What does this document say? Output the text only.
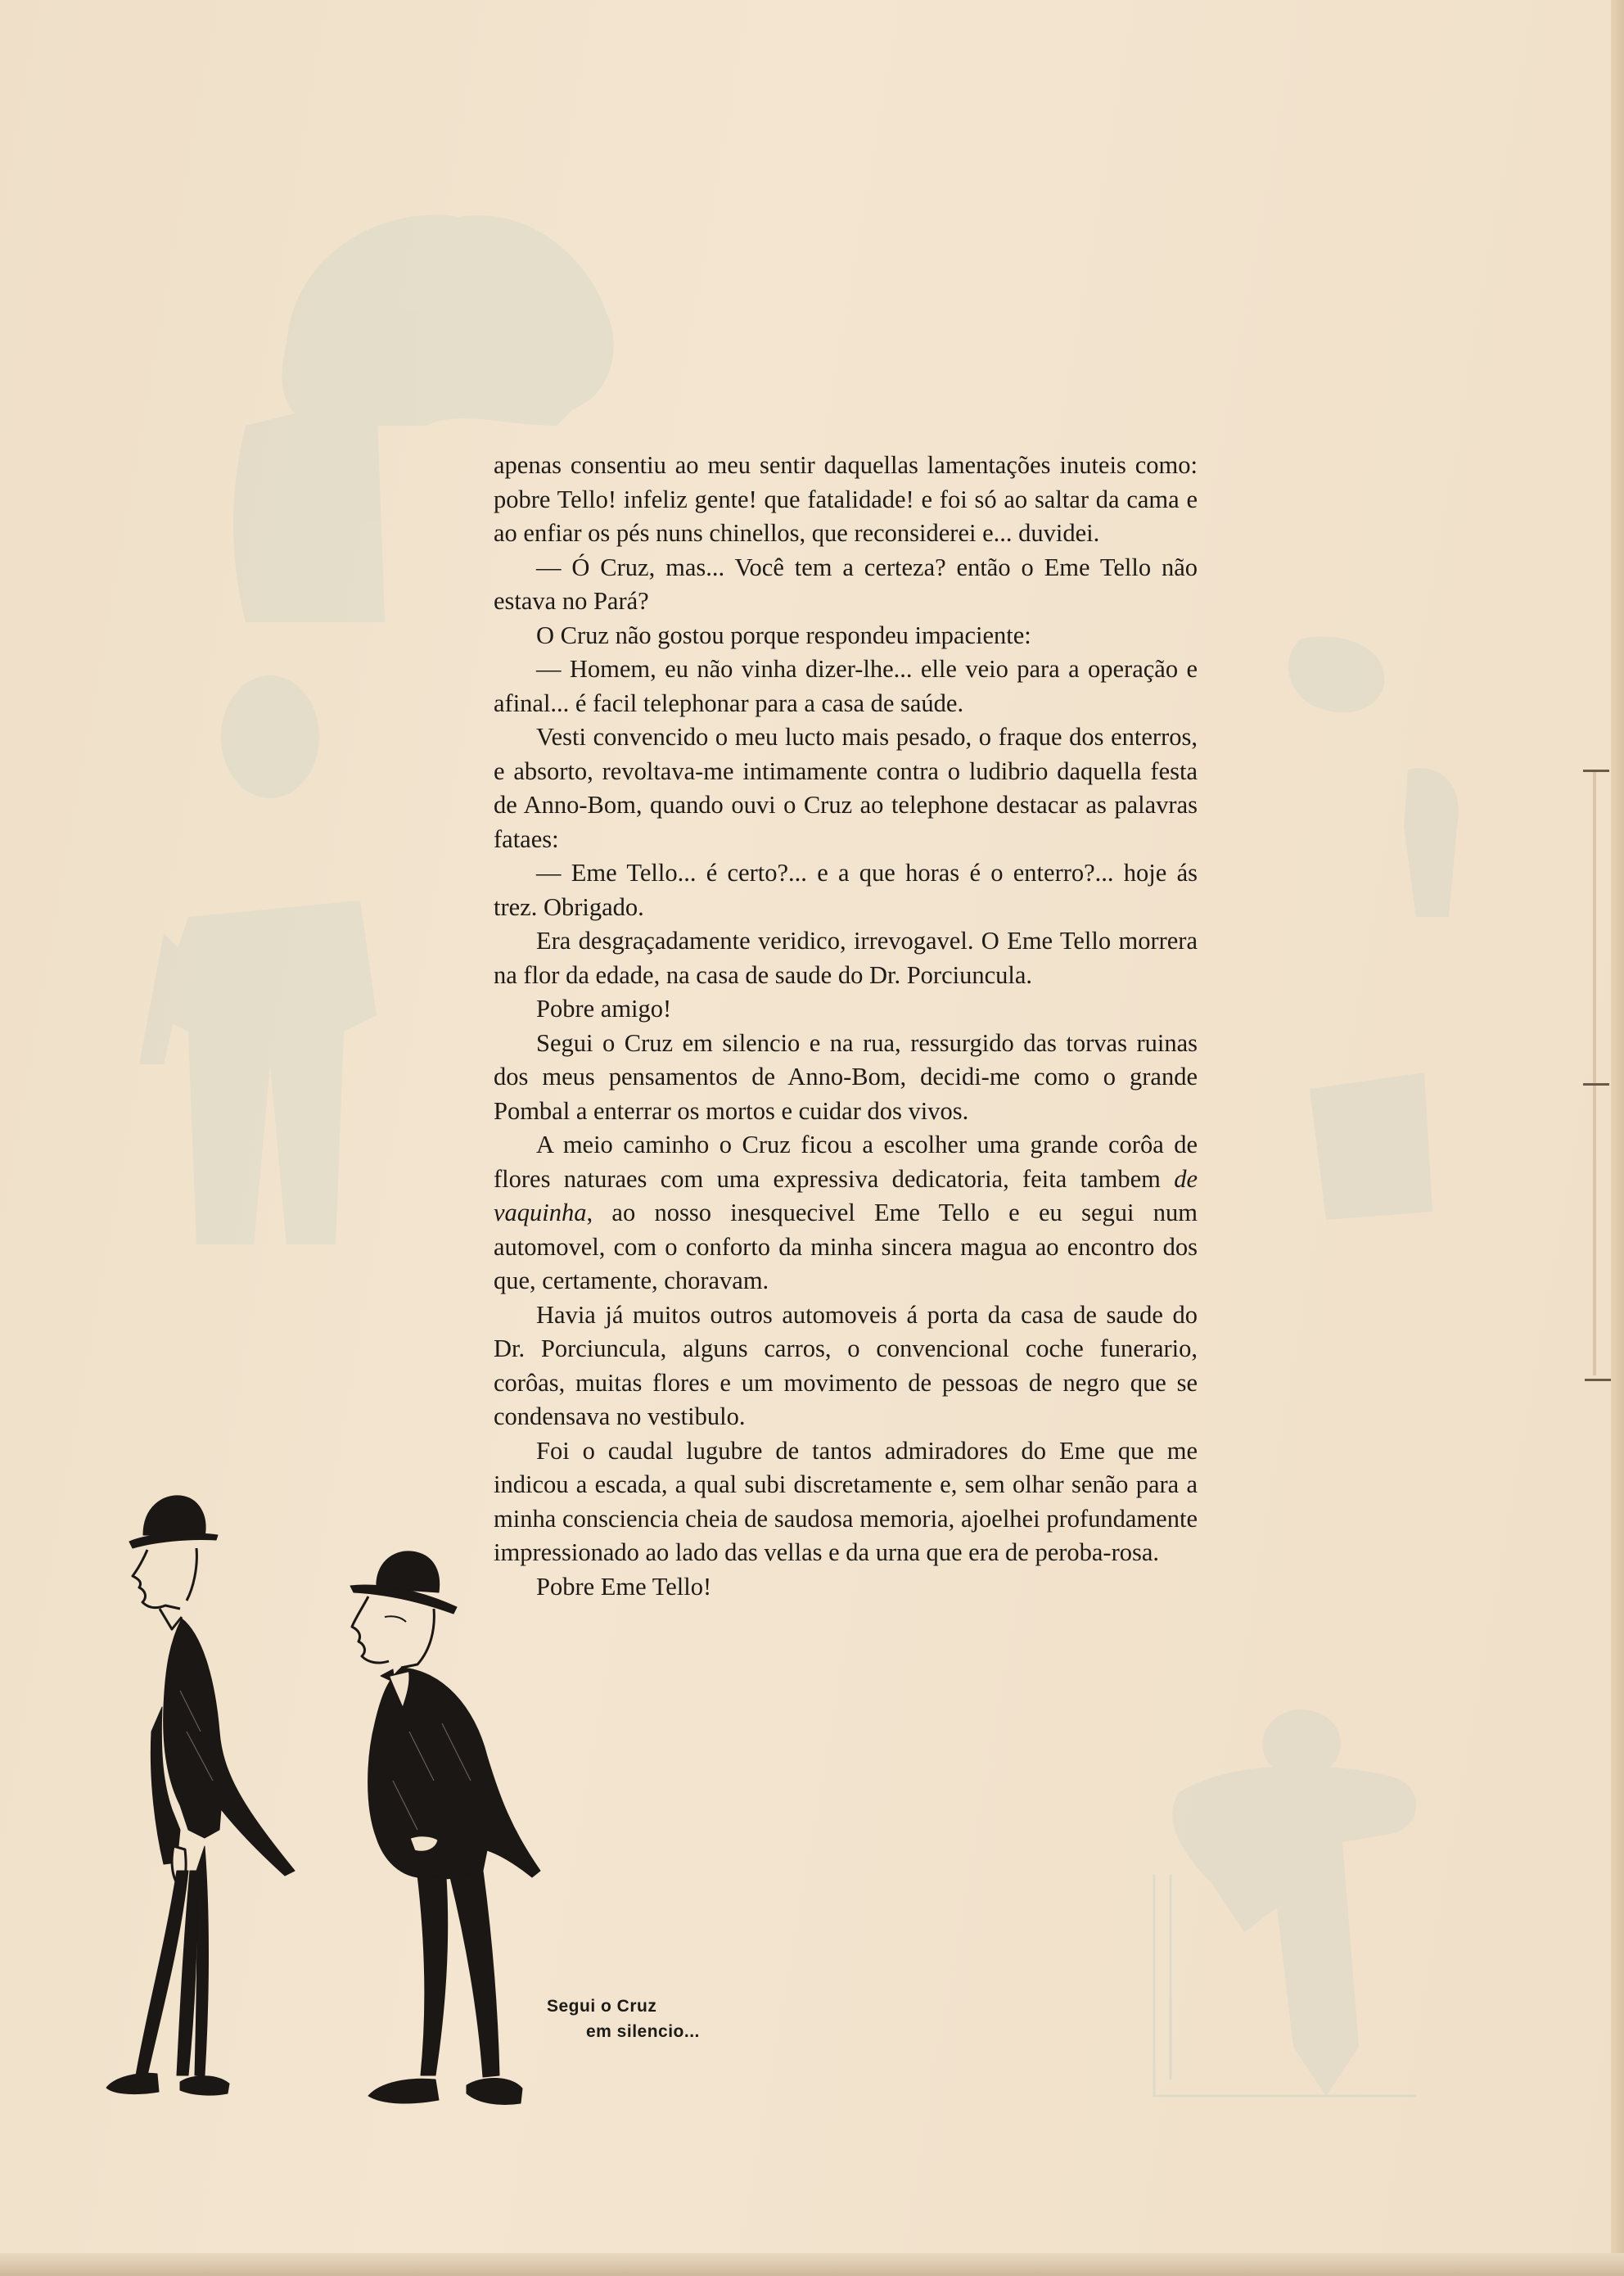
apenas consentiu ao meu sentir daquellas lamentações inuteis como: pobre Tello! infeliz gente! que fatalidade! e foi só ao saltar da cama e ao enfiar os pés nuns chinellos, que reconsiderei e... duvidei.

— Ó Cruz, mas... Você tem a certeza? então o Eme Tello não estava no Pará?

O Cruz não gostou porque respondeu impaciente:

— Homem, eu não vinha dizer-lhe... elle veio para a operação e afinal... é facil telephonar para a casa de saúde.

Vesti convencido o meu lucto mais pesado, o fraque dos enterros, e absorto, revoltava-me intimamente contra o ludibrio daquella festa de Anno-Bom, quando ouvi o Cruz ao telephone destacar as palavras fataes:

— Eme Tello... é certo?... e a que horas é o enterro?... hoje ás trez. Obrigado.

Era desgraçadamente veridico, irrevogavel. O Eme Tello morrera na flor da edade, na casa de saude do Dr. Porciuncula.

Pobre amigo!

Segui o Cruz em silencio e na rua, ressurgido das torvas ruinas dos meus pensamentos de Anno-Bom, decidi-me como o grande Pombal a enterrar os mortos e cuidar dos vivos.

A meio caminho o Cruz ficou a escolher uma grande corôa de flores naturaes com uma expressiva dedicatoria, feita tambem de vaquinha, ao nosso inesquecivel Eme Tello e eu segui num automovel, com o conforto da minha sincera magua ao encontro dos que, certamente, choravam.

Havia já muitos outros automoveis á porta da casa de saude do Dr. Porciuncula, alguns carros, o convencional coche funerario, corôas, muitas flores e um movimento de pessoas de negro que se condensava no vestibulo.

Foi o caudal lugubre de tantos admiradores do Eme que me indicou a escada, a qual subi discretamente e, sem olhar senão para a minha consciencia cheia de saudosa memoria, ajoelhei profundamente impressionado ao lado das vellas e da urna que era de peroba-rosa.

Pobre Eme Tello!

Segui o Cruz
em silencio...
